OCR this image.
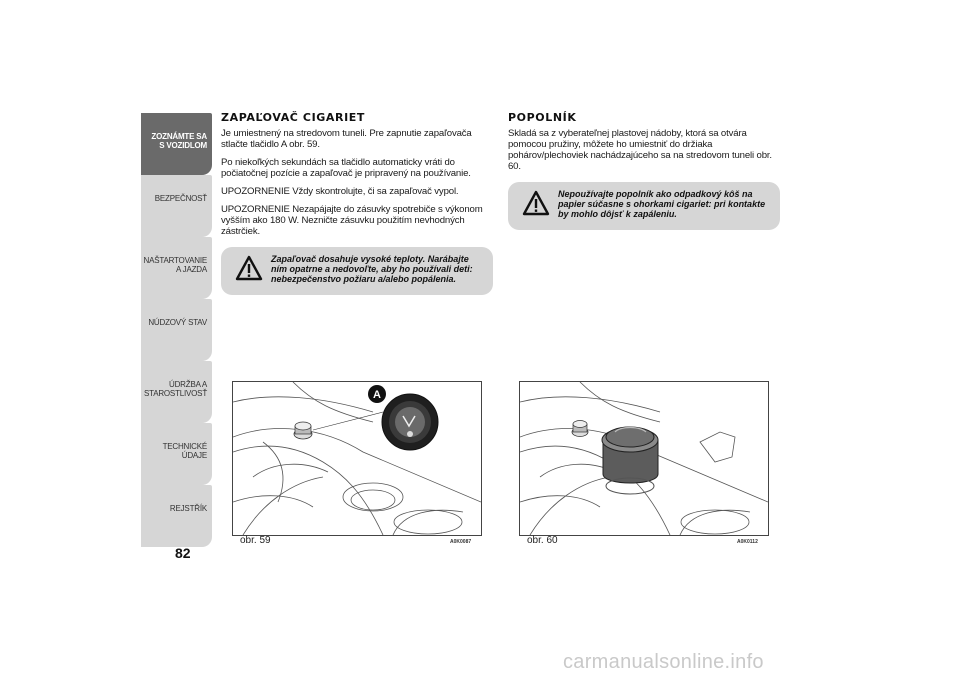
ZOZNÁMTE SA S VOZIDLOM
BEZPEČNOSŤ
NAŠTARTOVANIE A JAZDA
NÚDZOVÝ STAV
ÚDRŽBA A STAROSTLIVOSŤ
TECHNICKÉ ÚDAJE
REJSTŘÍK
82
ZAPAĽOVAČ CIGARIET

Je umiestnený na stredovom tuneli. Pre zapnutie zapaľovača stlačte tlačidlo A obr. 59.

Po niekoľkých sekundách sa tlačidlo automaticky vráti do počiatočnej pozície a zapaľovač je pripravený na používanie.

UPOZORNENIE Vždy skontrolujte, či sa zapaľovač vypol.

UPOZORNENIE Nezapájajte do zásuvky spotrebiče s výkonom vyšším ako 180 W. Nezničte zásuvku použitím nevhodných zástrčiek.

Zapaľovač dosahuje vysoké teploty. Narábajte ním opatrne a nedovoľte, aby ho používali deti: nebezpečenstvo požiaru a/alebo popálenia.
POPOLNÍK

Skladá sa z vyberateľnej plastovej nádoby, ktorá sa otvára pomocou pružiny, môžete ho umiestniť do držiaka pohárov/plechoviek nachádzajúceho sa na stredovom tuneli obr. 60.

Nepoužívajte popolník ako odpadkový kôš na papier súčasne s ohorkami cigariet: pri kontakte by mohlo dôjsť k zapáleniu.
A
obr. 59	A0K0087	obr. 60	A0K0112
carmanualsonline.info
